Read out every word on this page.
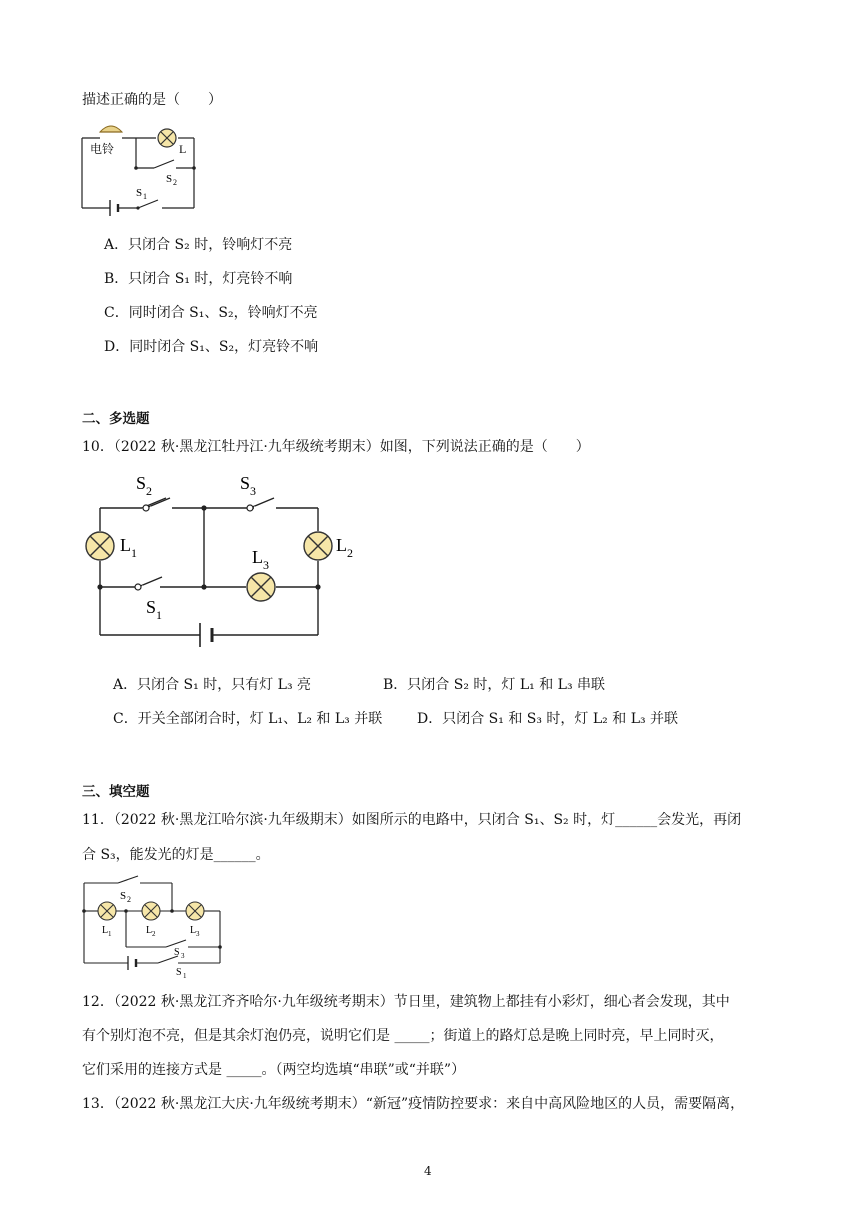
描述正确的是（　　）
S 2
S 1
电铃	L
A．只闭合 S₂ 时，铃响灯不亮
B．只闭合 S₁ 时，灯亮铃不响
C．同时闭合 S₁、S₂，铃响灯不亮
D．同时闭合 S₁、S₂，灯亮铃不响
二、多选题
10．（2022 秋·黑龙江牡丹江·九年级统考期末）如图，下列说法正确的是（　　）
S 2	S 3
L 1	L 3
L 2
S 1
A．只闭合 S₁ 时，只有灯 L₃ 亮	B．只闭合 S₂ 时，灯 L₁ 和 L₃ 串联
C．开关全部闭合时，灯 L₁、L₂ 和 L₃ 并联 D．只闭合 S₁ 和 S₃ 时，灯 L₂ 和 L₃ 并联
三、填空题
11．（2022 秋·黑龙江哈尔滨·九年级期末）如图所示的电路中，只闭合 S₁、S₂ 时，灯______会发光，再闭
合 S₃，能发光的灯是______。
S 2
L 1	L 2	L 3
S 3
S 1
12．（2022 秋·黑龙江齐齐哈尔·九年级统考期末）节日里，建筑物上都挂有小彩灯，细心者会发现，其中
有个别灯泡不亮，但是其余灯泡仍亮，说明它们是 _____；街道上的路灯总是晚上同时亮，早上同时灭，
它们采用的连接方式是 _____。（两空均选填“串联”或“并联”）
13．（2022 秋·黑龙江大庆·九年级统考期末）“新冠”疫情防控要求：来自中高风险地区的人员，需要隔离，
4
